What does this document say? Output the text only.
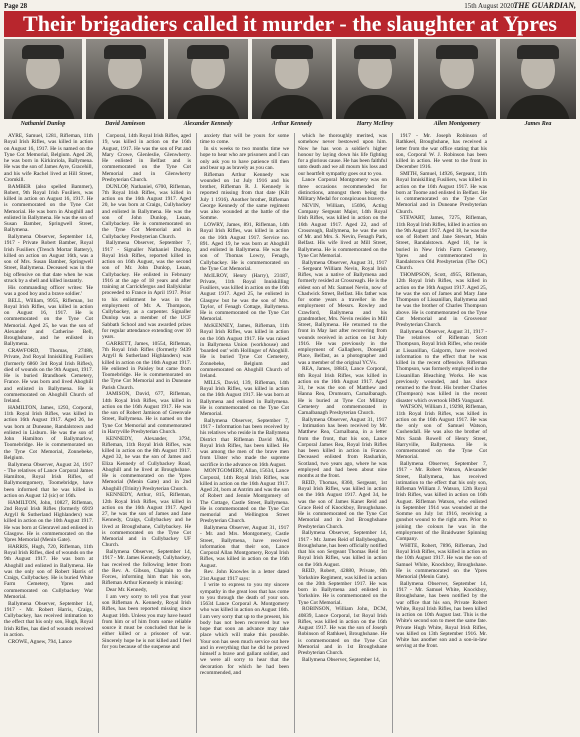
Page 28	15th August 2020 THE GUARDIAN,
Their brigadiers called it murder - the slaughter at Ypres
Nathaniel Dunlop	David Jamieson	Alexander Kennedy	Arthur Kennedy	Harry McIlroy	Allen Montgomery	James Rea

AYRE, Samuel, 1281, Rifleman, 11th Royal Irish Rifles, was killed in action on August 16, 1917. He is named on the Tyne Cot Memorial, Belgium. Aged 28, he was born in Kirkinriola, Ballymena. He was the son of James Ayre, Gracehill, and his wife Rachel lived at Hill Street, Cromkill.

BAMBER (also spelled Bammer), Robert, 9th Royal Irish Fusiliers, was killed in action on August 16, 1917. He is commemorated on the Tyne Cot Memorial. He was born in Ahoghill and enlisted in Ballymena. He was the son of Susan Bamber, Springwell Street, Ballymena.

Ballymena Observer, September 14, 1917 - Private Robert Bamber, Royal Irish Fusiliers (Trench Mortar Battery), killed on action on August 16th, was a son of Mrs. Susan Bamber, Springwell Street, Ballymena. Deceased was in the big offensive on that date when he was struck by a shell and killed instantly.

His commanding officer writes: 'He was a good boy and a brave soldier.'

BELL, William, 9955, Rifleman, 1st Royal Irish Rifles, was killed in action on August 16, 1917. He is commemorated on the Tyne Cot Memorial. Aged 25, he was the son of Alexander and Catherine Bell, Broughshane, and he enlisted in Ballymena.

CRAWFORD, Thomas, 27488, Private, 2nd Royal Inniskilling Fusiliers (formerly 6860 3rd Royal Irish Rifles), died of wounds on the 9th August, 1917. He is buried Brandhoek Cemetery, France. He was born and lived Ahoghill and enlisted in Ballymena. He is commemorated on Ahoghill Church of Ireland.

HAMILTON, James, 1293, Corporal, 11th Royal Irish Rifles, was killed in action 16th August 1917. Aged 26, he was born at Duneane, Randalstown and enlisted in Lisburn. He was the son of John Hamilton of Ballymarlow, Toomebridge. He is commemorated on the Tyne Cot Memorial, Zonnebeke, Belgium.

Ballymena Observer, August 24, 1917 - The relatives of Lance Corporal James Hamilton, Royal Irish Rifles, of Ballymontgomery, Toomebridge, have been informed that he was killed in action on August 12 (sic) or 16th.

HAMILTON, John, 10827, Rifleman, 2nd Royal Irish Rifles (formerly 6919 Argyll & Sutherland Highlanders) was killed in action on the 10th August 1917. He was born at Glenravel and enlisted in Glasgow. He is commemorated on the Ypres Memorial (Menin Gate).

HARRIS, Hugh, 720, Rifleman, 11th Royal Irish Rifles, died of wounds on the 9th August 1917. He was born at Ahoghill and enlisted in Ballymena. He was the only son of Robert Harris of Craigs, Cullybackey. He is buried White Farm Cemetery, Ypres and commemorated on Cullybackey War Memorial.

Ballymena Observer, September 14, 1917 - Mr. Robert Harris, Craigs, Cullybackey, has received intimation to the effect that his only son, Hugh, Royal Irish Rifles, has died of wounds received in action.

CROWE, Agnew, 794, Lance

Corporal, 14th Royal Irish Rifles, aged 19, was killed in action on the 16th August, 1917. He was the son of Pat and Mary Crowe, Glenleslie, Glenwherry. He enlisted in Belfast and is commemorated on the Tyne Cot Memorial and in Glenwherry Presbyterian Church.

DUNLOP, Nathaniel, 6700, Rifleman, 7th Royal Irish Rifles, was killed in action on the 16th August 1917. Aged 20, he was born at Craigs, Cullybackey and enlisted in Ballymena. He was the son of John Dunlop, Leaan, Cullybackey. He is commemorated on the Tyne Cot Memorial and in Cullybackey Presbyterian Church.

Ballymena Observer, September 7, 1917 - Signaller Nathaniel Dunlop, Royal Irish Rifles, reported killed in action on 16th August, was the second son of Mr. John Dunlop, Leaan, Cullybackey. He enlisted in February 1916 at the age of 18 years and after training at Carrickfergus and Ballykinlar proceeded to France in April 1917. Prior to his enlistment he was in the employment of Mr. A. Thompson, Cullybackey, as a carpenter. Signaller Dunlop was a member of the UCF Sabbath School and was awarded prizes for regular attendance extending over 10 years.

GARRETT, James, 10554, Rifleman, 7th Royal Irish Rifles (formerly 9439 Argyll & Sutherland Highlanders) was killed in action on the 16th August 1917. He enlisted in Paisley but came from Toomebridge. He is commemorated on the Tyne Cot Memorial and in Duneane Parish Church.

JAMISON, David, 677, Rifleman, 14th Royal Irish Rifles, was killed in action on the 16th August 1917. He was the son of Robert Jamison of Greenvale Street, Ballymena. He is named on the Tyne Cot Memorial and commemorated in Harryville Presbyterian Church.

KENNEDY, Alexander, 3794, Rifleman, 11th Royal Irish Rifles, was killed in action on the 8th August 1917. Aged 32, he was the son of James and Eliza Kennedy of Cullybackey Road, Ahoghill and he lived at Broughshane. He is commemorated on the Ypres Memorial (Menin Gate) and in 2nd Ahoghill (Trinity) Presbyterian Church.

KENNEDY, Arthur, 815, Rifleman, 12th Royal Irish Rifles, was killed in action on the 16th August 1917. Aged 27, he was the son of James and Jane Kennedy, Craigs, Cullybackey and he lived at Broughshane, Cullybackey. He is commemorated on the Tyne Cot Memorial and in Cullybackey UF Church.

Ballymena Observer, September 14, 1917 - Mr. James Kennedy, Cullybackey, has received the following letter from the Rev. A. Gibson, Chaplain to the Forces, informing him that his son, Rifleman Arthur Kennedy is missing:

Dear Mr. Kennedy,

I am very sorry to tell you that your son Rifleman A. Kennedy, Royal Irish Rifles, has been reported missing since August 16th. Unless you may have heard from him or of him from some reliable source it must be concluded that he is either killed or a prisoner of war. Sincerely hope he is not killed and I feel for you because of the suspense and

anxiety that will be yours for some time to come.

In six weeks to two months time we hope to hear who are prisoners and I can only ask you to have patience till then and bear up as bravely as you can.

Rifleman Arthur Kennedy was wounded on 1st July 1916 and his brother, Rifleman R. J. Kennedy is reported missing from that date (Kilt July 1 1916). Another brother, Rifleman George Kennedy of the same regiment was also wounded at the battle of the Somme.

LOWRY, James, 891, Rifleman, 14th Royal Irish Rifles, was killed in action on the 16th August 1917. Service no. 891. Aged 19, he was born at Ahoghill and enlisted in Ballymena. He was the son of Thomas Lowry, Fenagh, Cullybackey. He is commemorated on the Tyne Cot Memorial.

McILROY, Henry (Harry), 23187, Private, 11th Royal Inniskilling Fusiliers, was killed in action on the 16th August 1917. Aged 25, he enlisted in Glasgow but he was the son of Mrs. Taylor, of Fenagh Cottage, Ballymena. He is commemorated on the Tyne Cot Memorial.

McKENNEY, James, Rifleman, 11th Royal Irish Rifles, was killed in action on the 16th August 1917. He was raised in Ballymena Union (workhouse) and 'boarded out' with Hollinger of Ahoghill. He is buried Tyne Cot Cemetery, Zonnebeke, Belgium and commemorated on Ahoghill Church of Ireland.

MILLS, David, 139, Rifleman, 14th Royal Irish Rifles, was killed in action on the 16th August 1917. He was born at Ballymena and enlisted in Ballymena. He is commemorated on the Tyne Cot Memorial.

Ballymena Observer, September 7, 1917 - Information has been received by his relatives who reside in the Ballymena District that Rifleman David Mills, Royal Irish Rifles, has been killed. He was among the men of the brave men from Ulster who made the supreme sacrifice in the advance on 16th August.

MONTGOMERY, Allan, 15634, Lance Corporal, 14th Royal Irish Rifles, was killed in action on the 16th August 1917. Aged 24, born at Antrim and was the son of Robert and Jennie Montgomery of The Cottage, Castle Street, Ballymena. He is commemorated on the Tyne Cot memorial and Wellington Street Presbyterian Church.

Ballymena Observer, August 31, 1917 - Mr. and Mrs. Montgomery, Castle Street, Ballymena, have received information that their son, Lance Corporal Allan Montgomery, Royal Irish Rifles, was killed in action on the 16th August.

Rev. John Knowles in a letter dated 21st August 1917 says:

I write to express to you my sincere sympathy in the great loss that has come to you through the death of your son. 15634 Lance Corporal A. Montgomery who was killed in action on August 16th. I am very sorry that up to the present, his body has not been recovered but we hope that soon an advance may take place which will make this possible. Your son has seen much service out here and in everything that he did he proved himself a brave and gallant soldier, and we were all sorry to hear that the decoration for which he had been recommended, and

which he thoroughly merited, was somehow never bestowed upon him. Now he has won a soldier's higher honour by laying down his life fighting for a glorious cause. He has been faithful unto death and we all mourn his loss and our heartfelt sympathy goes out to you.

Lance Corporal Montgomery was on three occasions recommended for distinctions, amongst them being the Military Medal for conspicuous bravery.

NEVIN, William, 15696, Acting Company Sergeant Major, 14th Royal Irish Rifles, was killed in action on the 16th August 1917. Aged 22, and of Crossreagh, Ballymena, he was the son of Mr. and Mrs. S. Nevin, Fenagh Park, Belfast. His wife lived at Mill Street, Ballymena. He is commemorated on the Tyne Cot Memorial.

Ballymena Observer, August 31, 1917 - Sergeant William Nevin, Royal Irish Rifles, was a native of Ballymena and formerly resided at Crossreagh. He is the eldest son of Mr. Samuel Nevin, now of Chadwick Street, Belfast. His father was for some years a traveller in the employment of Messrs. Rowley and Crawford, Ballymena and his grandmother, Mrs. Nevin resides in Mill Street, Ballymena. He returned to the front in May last after recovering from wounds received in action on 1st July 1916. He was previously in the employment of Gallaghers, Donegall Place, Belfast, as a photographer and was a member of the original YCVs.

REA, James, 18843, Lance Corporal, 8th Royal Irish Rifles, was killed in action on the 16th August 1917. Aged 31, he was the son of Matthew and Hanna Rea, Drumsurn, Carnalbanagh. He is buried at Tyne Cot Military Cemetery and commemorated in Carnalbanagh Presbyterian Church.

Ballymena Observer, August 31, 1917 - Intimation has been received by Mr. Matthew Rea, Carnalbana, in a letter from the front, that his son, Lance Corporal James Rea, Royal Irish Rifles has been killed in action in France. Deceased enlisted from Rasharkin, Scotland, two years ago, where he was employed and had been about nine months at the front.

REID, Thomas, 8360, Sergeant, 1st Royal Irish Rifles, was killed in action on the 16th August 1917. Aged 34, he was the son of James Kanet Reid and Grace Reid of Knockboy, Broughshane. He is commemorated on the Tyne Cot Memorial and in 2nd Broughshane Presbyterian Church.

Ballymena Observer, September 14, 1917 - Mr. James Reid of Ballybeoghan, Broughshane, has been officially notified that his son Sergeant Thomas Reid 1st Royal Irish Rifles, was killed in action on the 16th August.

REID, Robert, 42880, Private, 8th Yorkshire Regiment, was killed in action on the 20th September 1917. He was born in Ballymena and enlisted in Yorkshire. He is commemorated on the Tyne Cot Memorial.

ROBINSON, William John, DCM, 40839, Lance Corporal, 1st Royal Irish Rifles, was killed in action on the 16th August 1917. He was the son of Joseph Robinson of Rathkeel, Broughshane. He is commemorated on the Tyne Cot Memorial and in 1st Broughshane Presbyterian Church.

Ballymena Observer, September 14,

1917 - Mr. Joseph Robinson of Rathkeel, Broughshane, has received a letter from the war office stating that his son, Corporal W. J. Robinson has been killed in action. He went to the front in December 1916.

SMITH, Samuel, 14926, Sergeant, 11th Royal Inniskilling Fusiliers, was killed in action on the 16th August 1917. He was born at Toome and enlisted in Belfast. He is commemorated on the Tyne Cot Memorial and in Duneane Presbyterian Church.

STEWART, James, 7275, Rifleman, 11th Royal Irish Rifles, killed in action on the 9th August 1917. Aged 18, he was the son of Robert and Jane Stewart, Main Street, Randalstown. Aged 18, he is buried in New Irish Farm Cemetery, Ypres and commemorated in Randalstown Old Presbyterian (The OC) Church.

THOMPSON, Scott, 4955, Rifleman, 12th Royal Irish Rifles, was killed in action on the 16th August 1917. Aged 25, he was the son of James and Mary Jane Thompson of Lissanillan, Ballymena and he was the brother of Charles Thompson above. He is commemorated on the Tyne Cot Memorial and in Grosvenor Presbyterian Church.

Ballymena Observer, August 31, 1917 - The relatives of Rifleman Scott Thompson, Royal Irish Rifles, who reside at Lissanillan, Galgorm, have received information to the effect that he was killed in the recent offensive. Rifleman Thompson, was formerly employed in the Lissanillan Bleaching Works. He was previously wounded, and has since returned to the front. His brother Charles (Thompson) was killed in the recent disaster which overtook HMS Vanguard.

WATSON, William J., 19298, Rifleman, 11th Royal Irish Rifles, was killed in action on the 16th August 1917. He was the only son of Samuel Watson, Cushendall. He was also the brother of Mrs Sarah Rowell of Henry Street, Harryville, Ballymena. He is commemorated on the Tyne Cot Memorial.

Ballymena Observer, September 7, 1917 - Mr. Robert Watson, Alexander Street, Ballymena, has received intimation to the effect that his only son, Rifleman William J. Watson, 12th Royal Irish Rifles, was killed in action on 16th August. Rifleman Watson, who enlisted in September 1914 was wounded at the Somme on July 1st 1916, receiving a gunshot wound to the right arm. Prior to joining the colours he was in the employment of the Braidwater Spinning Company.

WHITE, Robert, 7896, Rifleman, 2nd Royal Irish Rifles, was killed in action on the 10th August 1917. He was the son of Samuel White, Knockboy, Broughshane. He is commemorated on the Ypres Memorial (Menin Gate).

Ballymena Observer, September 14, 1917 - Mr. Samuel White, Knockboy, Broughshane, has been notified by the war office that his son, Private Robert White, Royal Irish Rifles, has been killed in action on 10th August last. This is the White's second son to meet the same fate. Private Hugh White, Royal Irish Rifles, was killed on 13th September 1916. Mr. White has another son and a son-in-law serving at the front.
